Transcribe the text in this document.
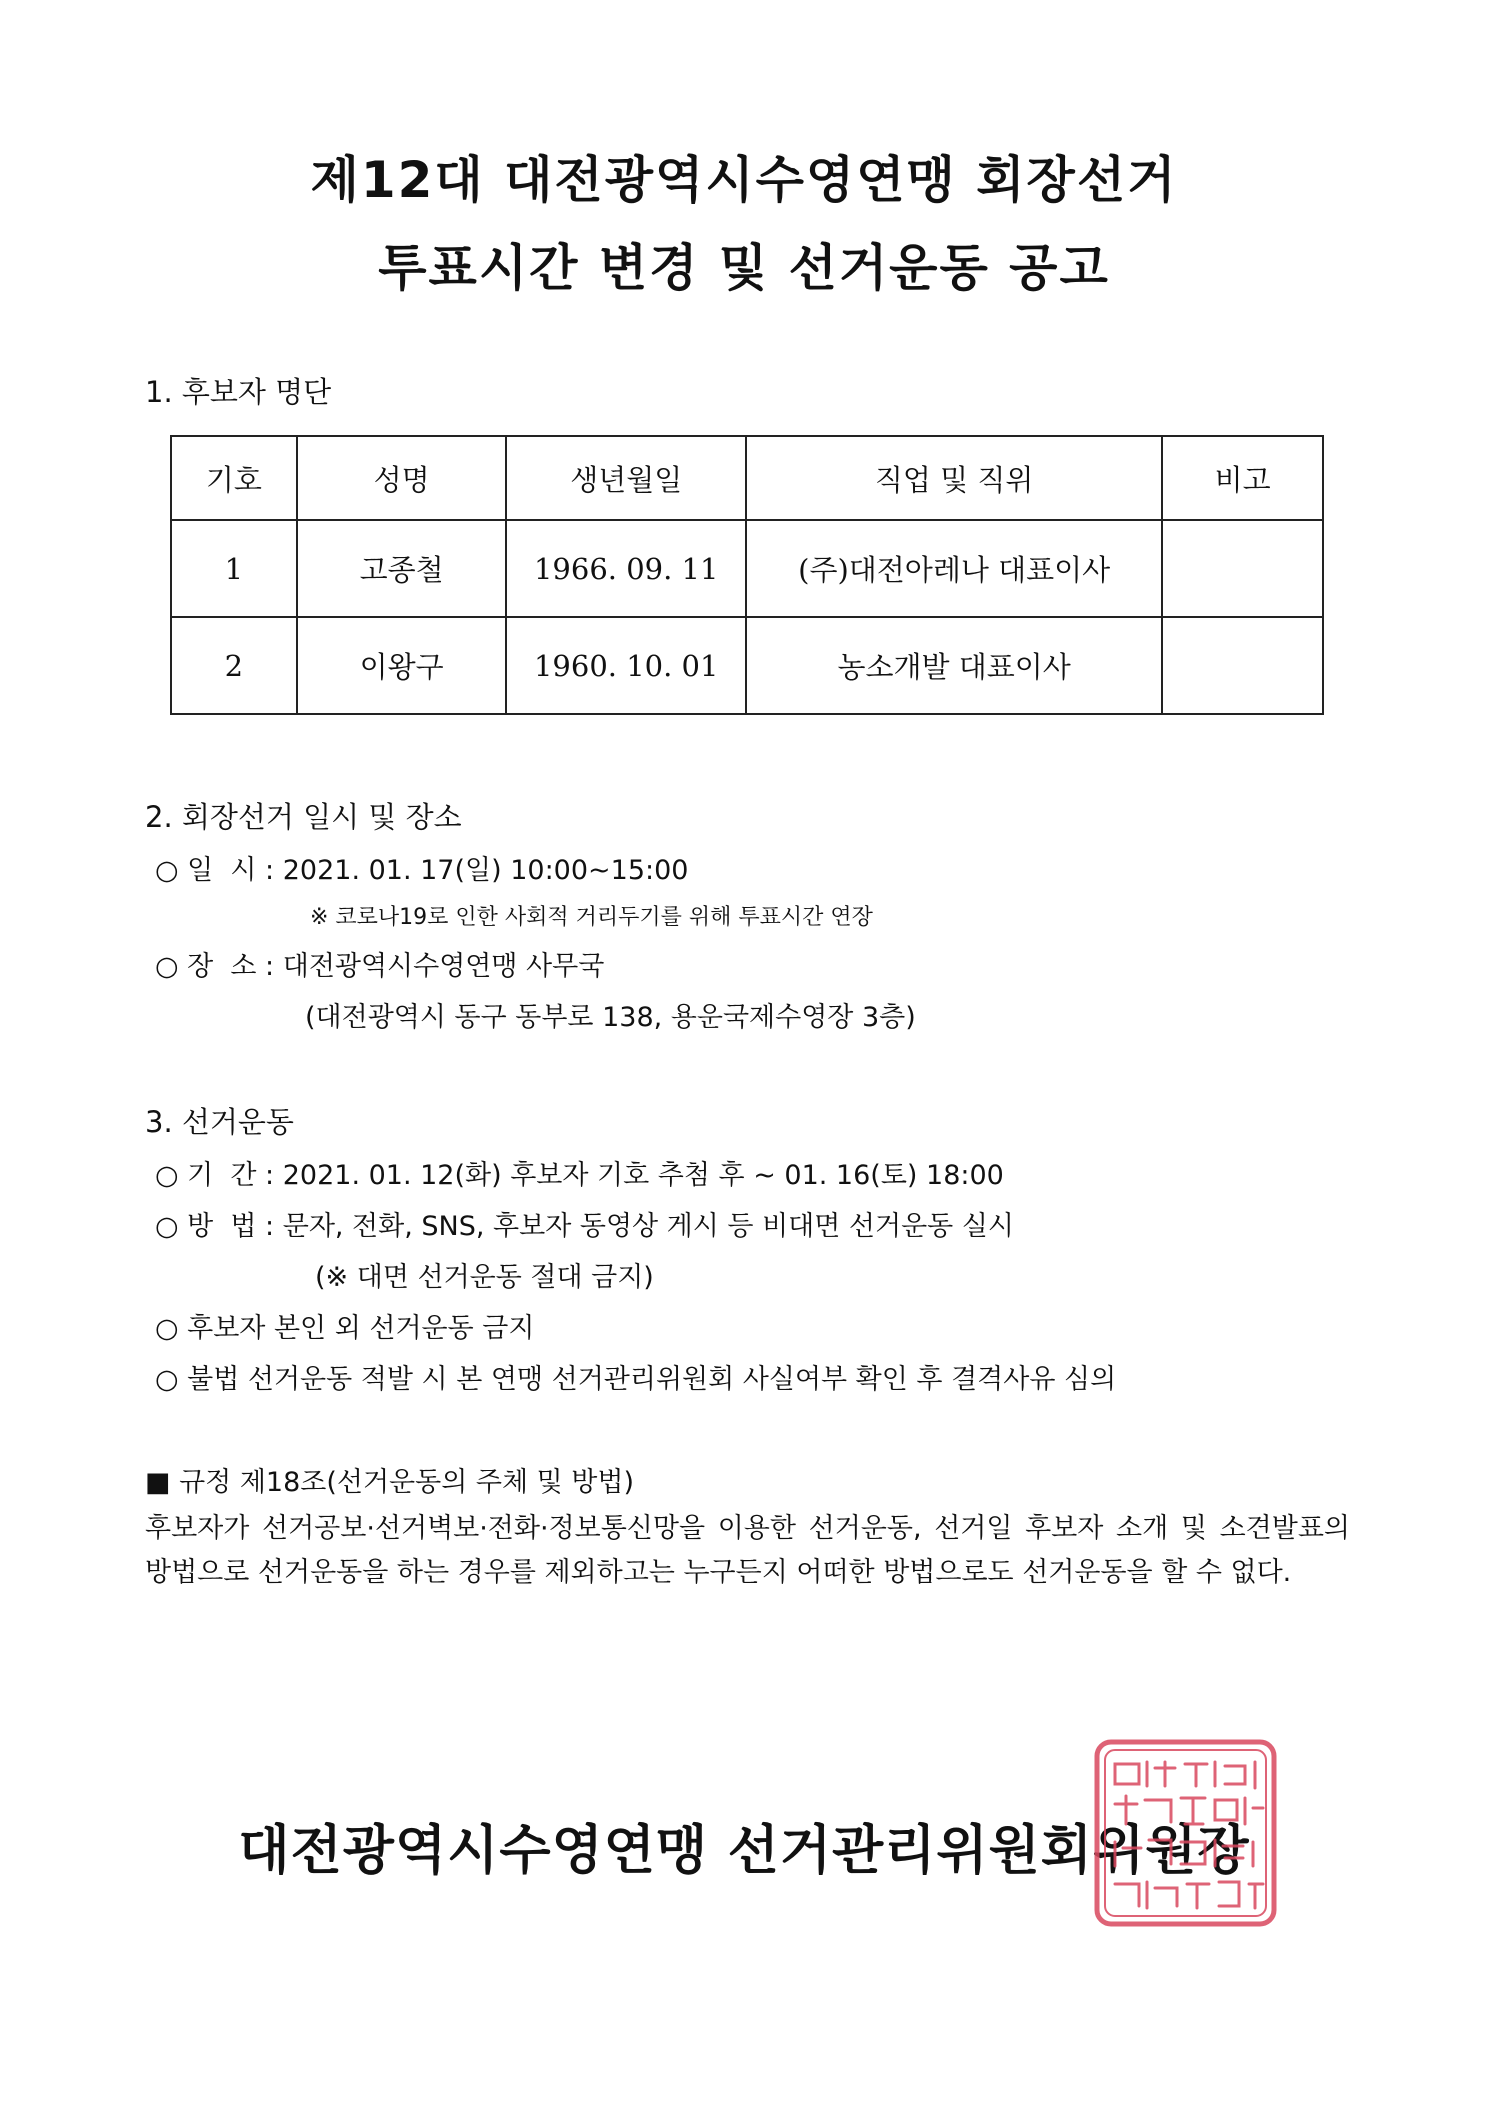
제12대 대전광역시수영연맹 회장선거
투표시간 변경 및 선거운동 공고
1. 후보자 명단
기호	성명	생년월일	직업 및 직위	비고
1	고종철	1966. 09. 11	(주)대전아레나 대표이사	
2	이왕구	1960. 10. 01	농소개발 대표이사	
2. 회장선거 일시 및 장소
○ 일  시 : 2021. 01. 17(일) 10:00~15:00
※ 코로나19로 인한 사회적 거리두기를 위해 투표시간 연장
○ 장  소 : 대전광역시수영연맹 사무국
(대전광역시 동구 동부로 138, 용운국제수영장 3층)
3. 선거운동
○ 기  간 : 2021. 01. 12(화) 후보자 기호 추첨 후 ~ 01. 16(토) 18:00
○ 방  법 : 문자, 전화, SNS, 후보자 동영상 게시 등 비대면 선거운동 실시
(※ 대면 선거운동 절대 금지)
○ 후보자 본인 외 선거운동 금지
○ 불법 선거운동 적발 시 본 연맹 선거관리위원회 사실여부 확인 후 결격사유 심의
■ 규정 제18조(선거운동의 주체 및 방법)
후보자가 선거공보·선거벽보·전화·정보통신망을 이용한 선거운동, 선거일 후보자 소개 및 소견발표의 방법으로 선거운동을 하는 경우를 제외하고는 누구든지 어떠한 방법으로도 선거운동을 할 수 없다.
대전광역시수영연맹 선거관리위원회위원장
